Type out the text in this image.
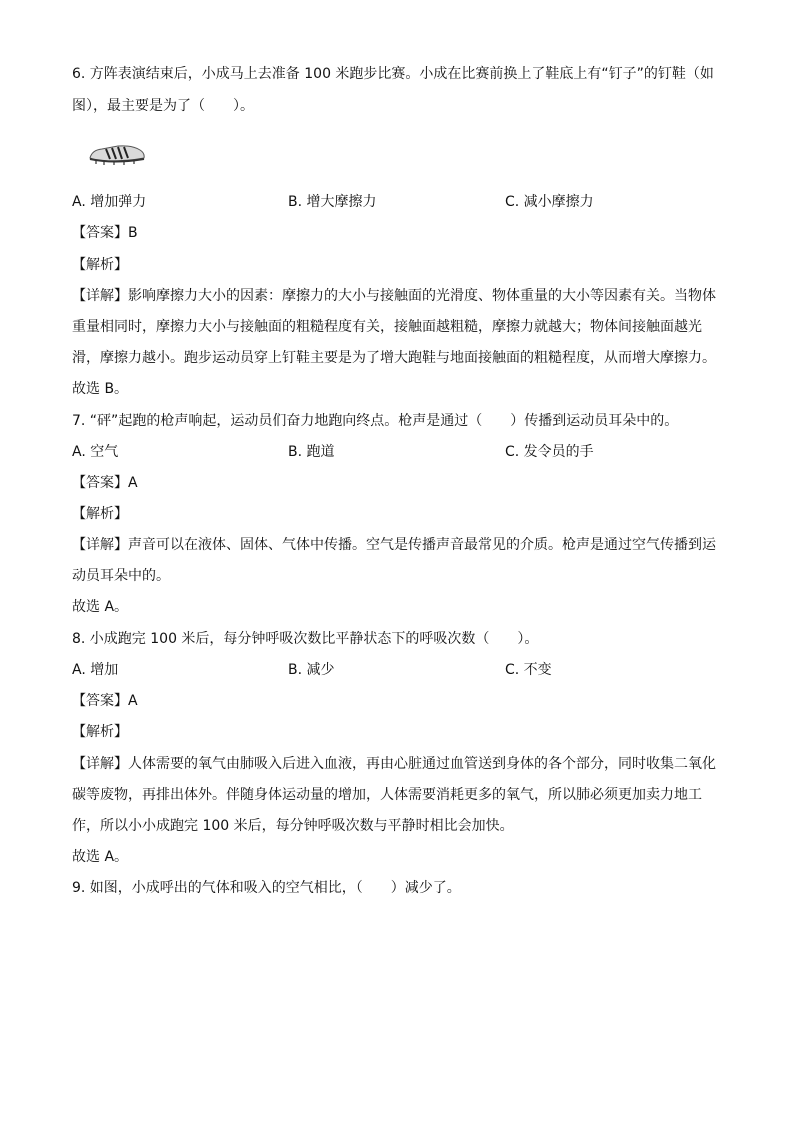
6. 方阵表演结束后，小成马上去准备 100 米跑步比赛。小成在比赛前换上了鞋底上有“钉子”的钉鞋（如
图），最主要是为了（　　）。
A. 增加弹力	B. 增大摩擦力	C. 减小摩擦力
【答案】B
【解析】
【详解】影响摩擦力大小的因素：摩擦力的大小与接触面的光滑度、物体重量的大小等因素有关。当物体
重量相同时，摩擦力大小与接触面的粗糙程度有关，接触面越粗糙，摩擦力就越大；物体间接触面越光
滑，摩擦力越小。跑步运动员穿上钉鞋主要是为了增大跑鞋与地面接触面的粗糙程度，从而增大摩擦力。
故选 B。
7. “砰”起跑的枪声响起，运动员们奋力地跑向终点。枪声是通过（　　）传播到运动员耳朵中的。
A. 空气	B. 跑道	C. 发令员的手
【答案】A
【解析】
【详解】声音可以在液体、固体、气体中传播。空气是传播声音最常见的介质。枪声是通过空气传播到运
动员耳朵中的。
故选 A。
8. 小成跑完 100 米后，每分钟呼吸次数比平静状态下的呼吸次数（　　）。
A. 增加	B. 减少	C. 不变
【答案】A
【解析】
【详解】人体需要的氧气由肺吸入后进入血液，再由心脏通过血管送到身体的各个部分，同时收集二氧化
碳等废物，再排出体外。伴随身体运动量的增加，人体需要消耗更多的氧气，所以肺必须更加卖力地工
作，所以小小成跑完 100 米后，每分钟呼吸次数与平静时相比会加快。
故选 A。
9. 如图，小成呼出的气体和吸入的空气相比，（　　）减少了。
